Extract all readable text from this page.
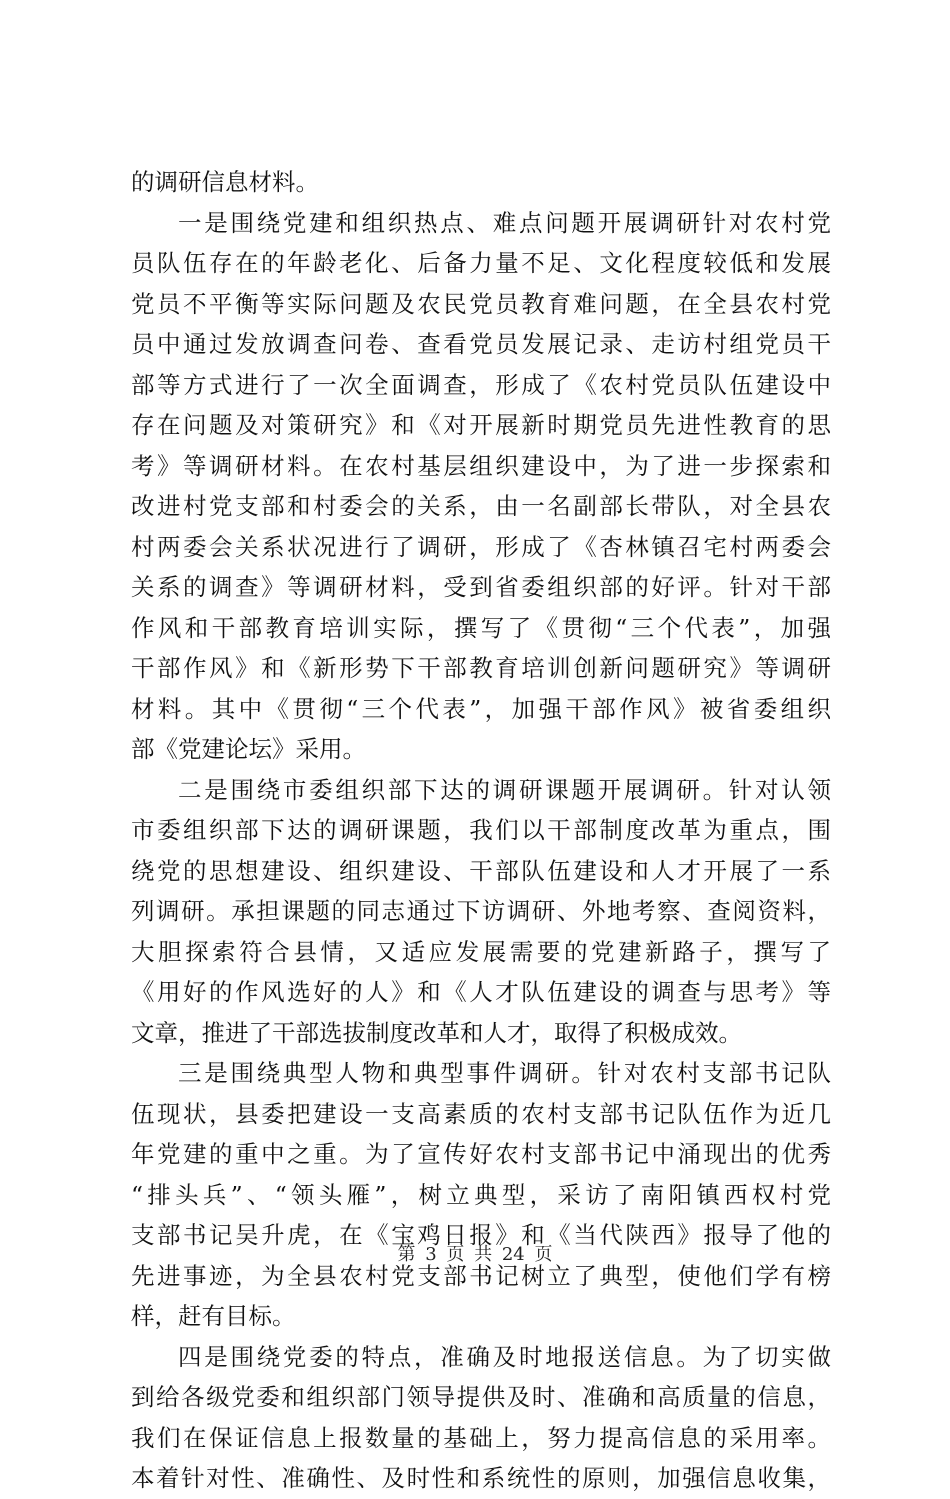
的调研信息材料。
一是围绕党建和组织热点、难点问题开展调研针对农村党
员队伍存在的年龄老化、后备力量不足、文化程度较低和发展
党员不平衡等实际问题及农民党员教育难问题，在全县农村党
员中通过发放调查问卷、查看党员发展记录、走访村组党员干
部等方式进行了一次全面调查，形成了《农村党员队伍建设中
存在问题及对策研究》和《对开展新时期党员先进性教育的思
考》等调研材料。在农村基层组织建设中，为了进一步探索和
改进村党支部和村委会的关系，由一名副部长带队，对全县农
村两委会关系状况进行了调研，形成了《杏林镇召宅村两委会
关系的调查》等调研材料，受到省委组织部的好评。针对干部
作风和干部教育培训实际，撰写了《贯彻“三个代表”，加强
干部作风》和《新形势下干部教育培训创新问题研究》等调研
材料。其中《贯彻“三个代表”，加强干部作风》被省委组织
部《党建论坛》采用。
二是围绕市委组织部下达的调研课题开展调研。针对认领
市委组织部下达的调研课题，我们以干部制度改革为重点，围
绕党的思想建设、组织建设、干部队伍建设和人才开展了一系
列调研。承担课题的同志通过下访调研、外地考察、查阅资料，
大胆探索符合县情，又适应发展需要的党建新路子，撰写了
《用好的作风选好的人》和《人才队伍建设的调查与思考》等
文章，推进了干部选拔制度改革和人才，取得了积极成效。
三是围绕典型人物和典型事件调研。针对农村支部书记队
伍现状，县委把建设一支高素质的农村支部书记队伍作为近几
年党建的重中之重。为了宣传好农村支部书记中涌现出的优秀
“排头兵”、“领头雁”，树立典型，采访了南阳镇西权村党
支部书记吴升虎，在《宝鸡日报》和《当代陕西》报导了他的
先进事迹，为全县农村党支部书记树立了典型，使他们学有榜
样，赶有目标。
四是围绕党委的特点，准确及时地报送信息。为了切实做
到给各级党委和组织部门领导提供及时、准确和高质量的信息，
我们在保证信息上报数量的基础上，努力提高信息的采用率。
本着针对性、准确性、及时性和系统性的原则，加强信息收集，
第 3 页 共 24 页
